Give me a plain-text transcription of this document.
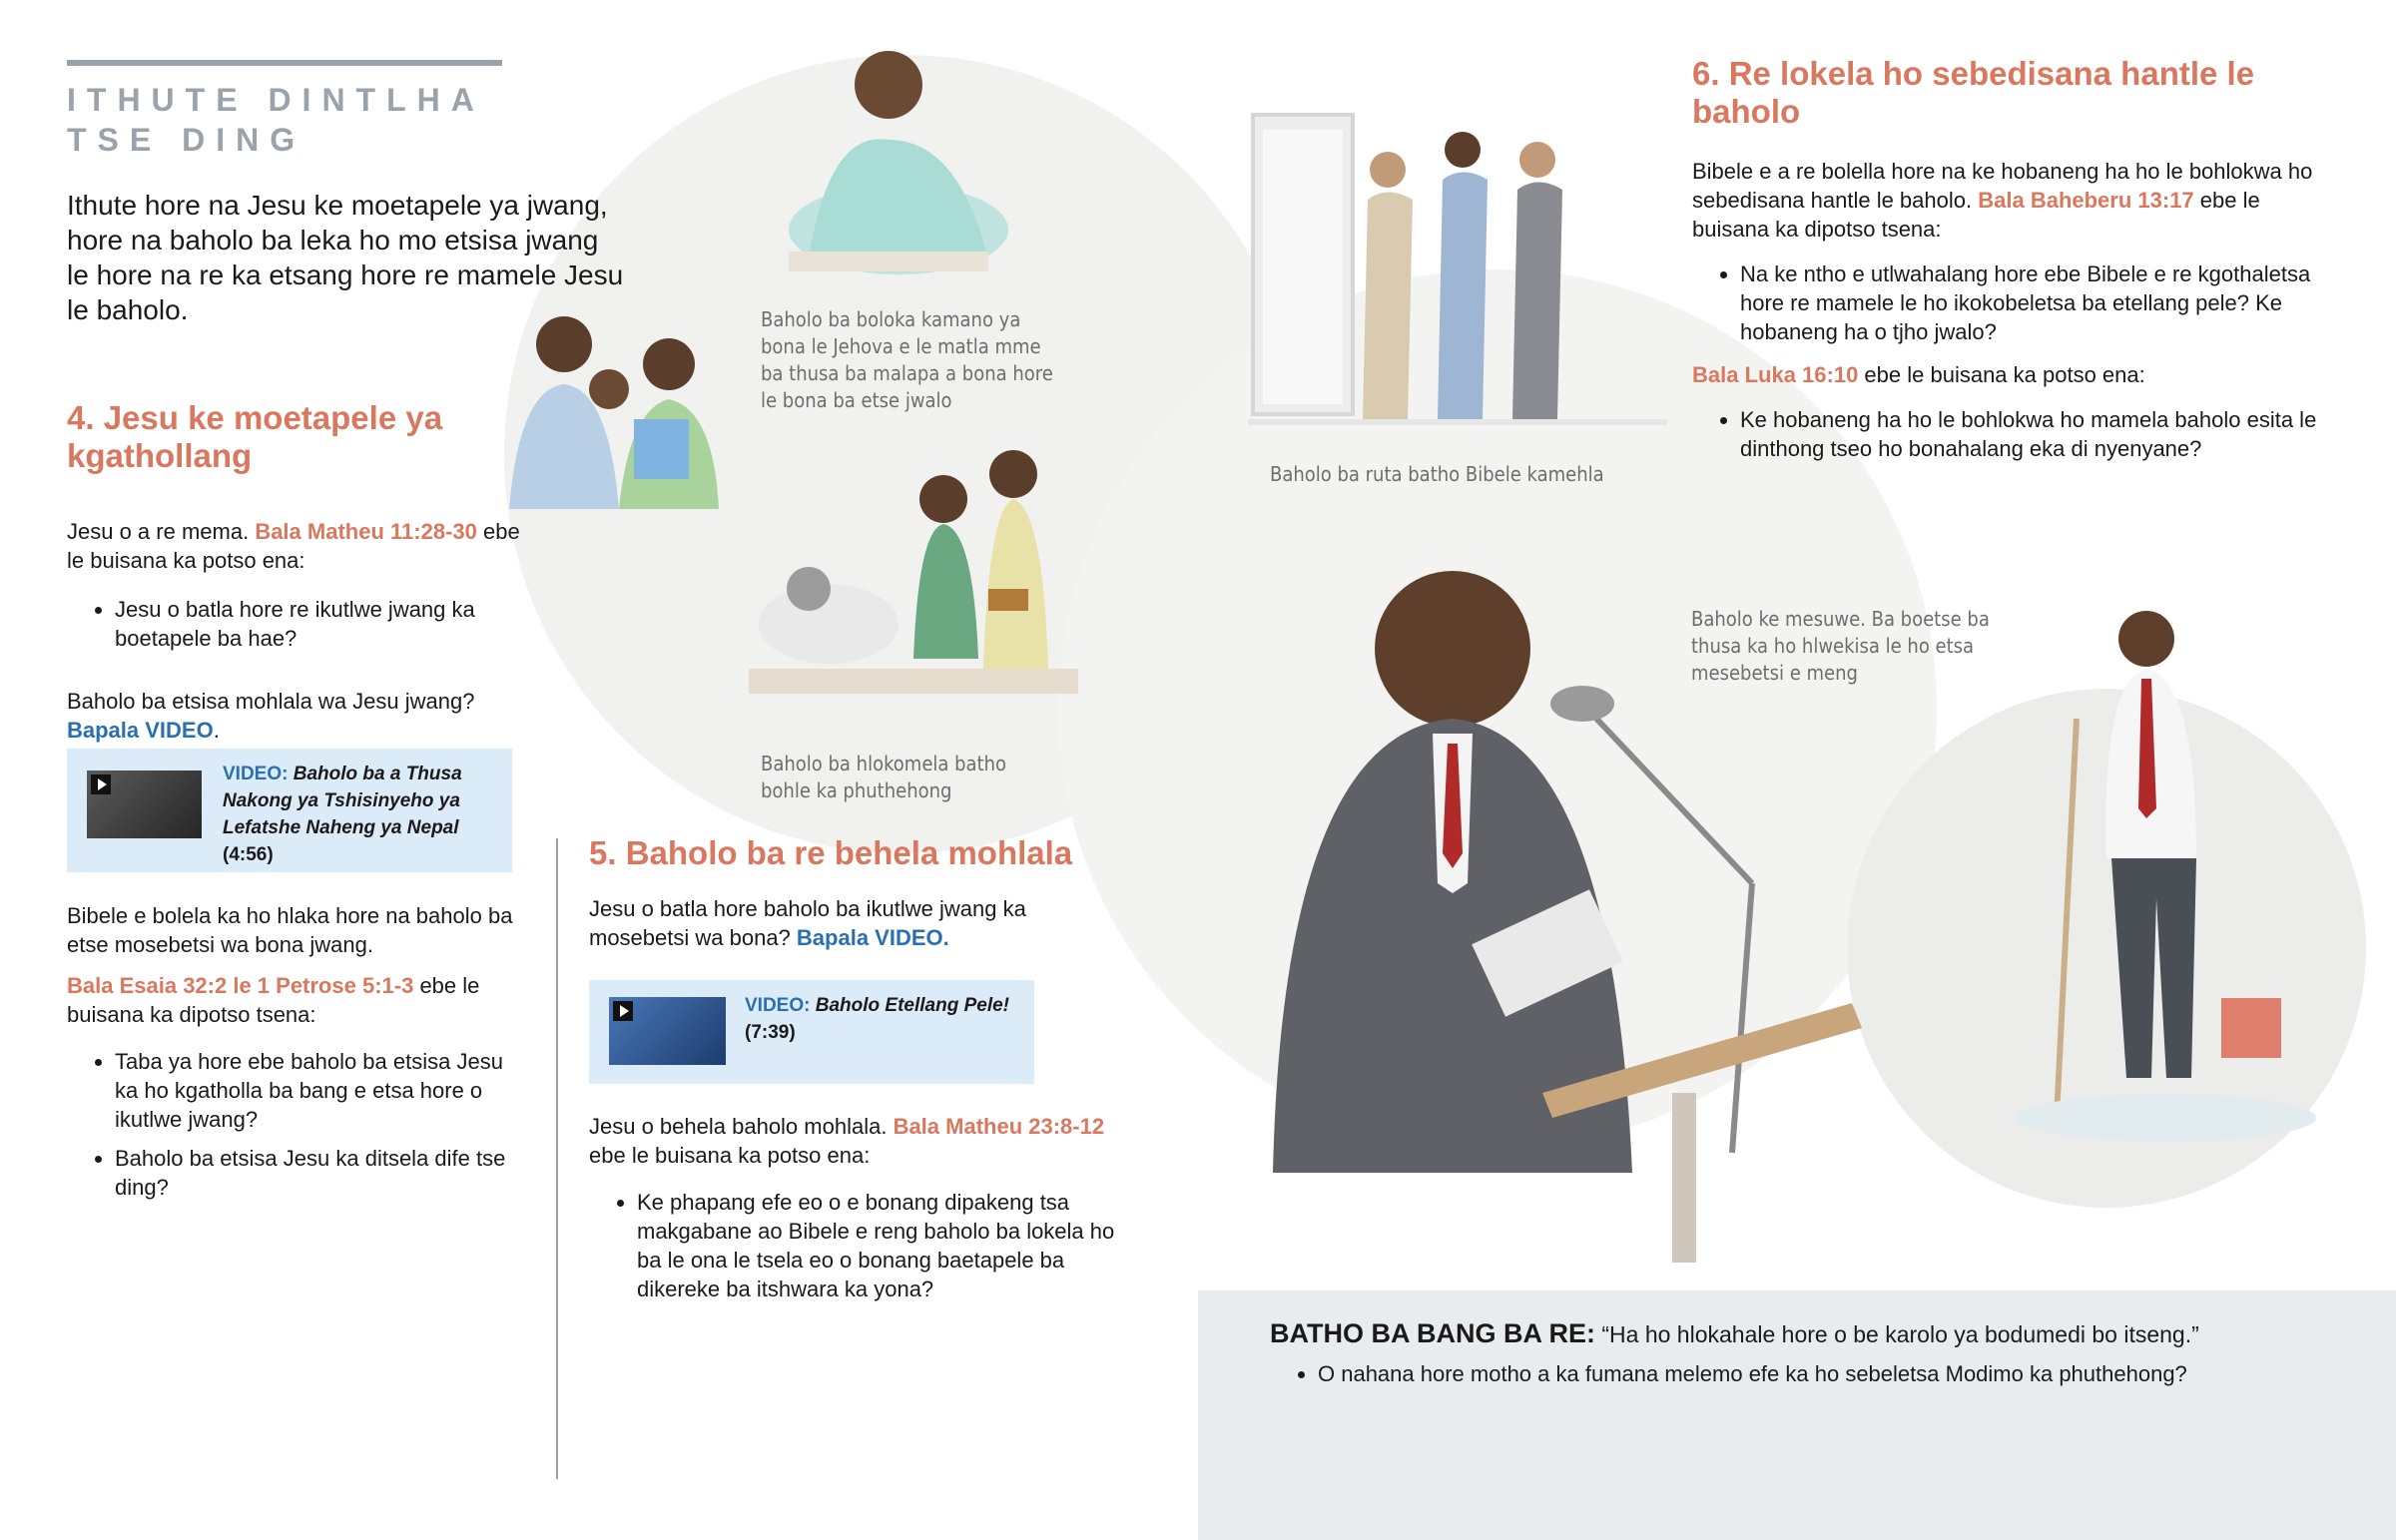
ITHUTE DINTLHA
TSE DING

Ithute hore na Jesu ke moetapele ya jwang, hore na baholo ba leka ho mo etsisa jwang le hore na re ka etsang hore re mamele Jesu le baholo.

4. Jesu ke moetapele ya kgathollang

Jesu o a re mema. Bala Matheu 11:28-30 ebe le buisana ka potso ena:

• Jesu o batla hore re ikutlwe jwang ka boetapele ba hae?

Baholo ba etsisa mohlala wa Jesu jwang? Bapala VIDEO.

VIDEO: Baholo ba a Thusa Nakong ya Tshisinyeho ya Lefatshe Naheng ya Nepal
(4:56)

Bibele e bolela ka ho hlaka hore na baholo ba etse mosebetsi wa bona jwang.

Bala Esaia 32:2 le 1 Petrose 5:1-3 ebe le buisana ka dipotso tsena:

• Taba ya hore ebe baholo ba etsisa Jesu ka ho kgatholla ba bang e etsa hore o ikutlwe jwang?
• Baholo ba etsisa Jesu ka ditsela dife tse ding?
Baholo ba boloka kamano ya bona le Jehova e le matla mme ba thusa ba malapa a bona hore le bona ba etse jwalo
Baholo ba hlokomela batho bohle ka phuthehong
Baholo ba ruta batho Bibele kamehla
Baholo ke mesuwe. Ba boetse ba thusa ka ho hlwekisa le ho etsa mesebetsi e meng
5. Baholo ba re behela mohlala

Jesu o batla hore baholo ba ikutlwe jwang ka mosebetsi wa bona? Bapala VIDEO.

VIDEO: Baholo Etellang Pele!
(7:39)

Jesu o behela baholo mohlala. Bala Matheu 23:8-12 ebe le buisana ka potso ena:

• Ke phapang efe eo o e bonang dipakeng tsa makgabane ao Bibele e reng baholo ba lokela ho ba le ona le tsela eo o bonang baetapele ba dikereke ba itshwara ka yona?
6. Re lokela ho sebedisana hantle le baholo

Bibele e a re bolella hore na ke hobaneng ha ho le bohlokwa ho sebedisana hantle le baholo. Bala Baheberu 13:17 ebe le buisana ka dipotso tsena:

• Na ke ntho e utlwahalang hore ebe Bibele e re kgothaletsa hore re mamele le ho ikokobeletsa ba etellang pele? Ke hobaneng ha o tjho jwalo?

Bala Luka 16:10 ebe le buisana ka potso ena:

• Ke hobaneng ha ho le bohlokwa ho mamela baholo esita le dinthong tseo ho bonahalang eka di nyenyane?

BATHO BA BANG BA RE: “Ha ho hlokahale hore o be karolo ya bodumedi bo itseng.”

• O nahana hore motho a ka fumana melemo efe ka ho sebeletsa Modimo ka phuthehong?
